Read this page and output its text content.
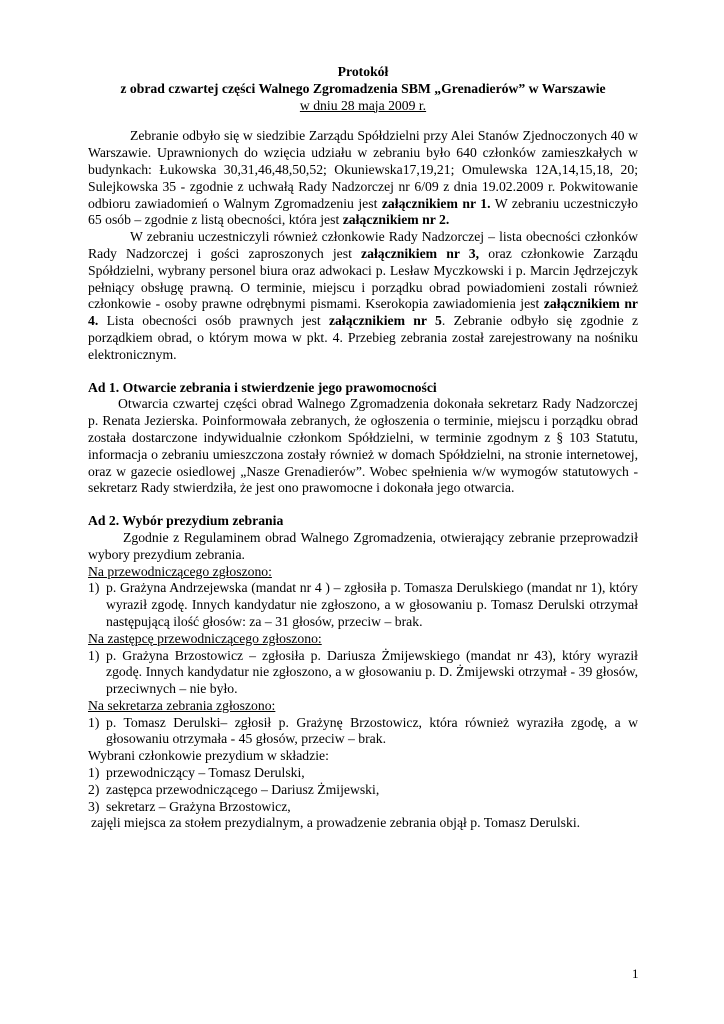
Protokół

z obrad czwartej części Walnego Zgromadzenia SBM „Grenadierów” w Warszawie

w dniu 28 maja 2009 r.

Zebranie odbyło się w siedzibie Zarządu Spółdzielni przy Alei Stanów Zjednoczonych 40 w Warszawie. Uprawnionych do wzięcia udziału w zebraniu było 640 członków zamieszkałych w budynkach: Łukowska 30,31,46,48,50,52; Okuniewska17,19,21; Omulewska 12A,14,15,18, 20; Sulejkowska 35 - zgodnie z uchwałą Rady Nadzorczej nr 6/09 z dnia 19.02.2009 r. Pokwitowanie odbioru zawiadomień o Walnym Zgromadzeniu jest załącznikiem nr 1. W zebraniu uczestniczyło 65 osób – zgodnie z listą obecności, która jest załącznikiem nr 2.

W zebraniu uczestniczyli również członkowie Rady Nadzorczej – lista obecności członków Rady Nadzorczej i gości zaproszonych jest załącznikiem nr 3, oraz członkowie Zarządu Spółdzielni, wybrany personel biura oraz adwokaci p. Lesław Myczkowski i p. Marcin Jędrzejczyk pełniący obsługę prawną. O terminie, miejscu i porządku obrad powiadomieni zostali również członkowie - osoby prawne odrębnymi pismami. Kserokopia zawiadomienia jest załącznikiem nr 4. Lista obecności osób prawnych jest załącznikiem nr 5. Zebranie odbyło się zgodnie z porządkiem obrad, o którym mowa w pkt. 4. Przebieg zebrania został zarejestrowany na nośniku elektronicznym.

Ad 1. Otwarcie zebrania i stwierdzenie jego prawomocności

Otwarcia czwartej części obrad Walnego Zgromadzenia dokonała sekretarz Rady Nadzorczej p. Renata Jezierska. Poinformowała zebranych, że ogłoszenia o terminie, miejscu i porządku obrad została dostarczone indywidualnie członkom Spółdzielni, w terminie zgodnym z § 103 Statutu, informacja o zebraniu umieszczona zostały również w domach Spółdzielni, na stronie internetowej, oraz w gazecie osiedlowej „Nasze Grenadierów”. Wobec spełnienia w/w wymogów statutowych - sekretarz Rady stwierdziła, że jest ono prawomocne i dokonała jego otwarcia.

Ad 2. Wybór prezydium zebrania

Zgodnie z Regulaminem obrad Walnego Zgromadzenia, otwierający zebranie przeprowadził wybory prezydium zebrania.

Na przewodniczącego zgłoszono:

1) p. Grażyna Andrzejewska (mandat nr 4 ) – zgłosiła p. Tomasza Derulskiego (mandat nr 1), który wyraził zgodę. Innych kandydatur nie zgłoszono, a w głosowaniu p. Tomasz Derulski otrzymał następującą ilość głosów: za – 31 głosów, przeciw – brak.

Na zastępcę przewodniczącego zgłoszono:

1) p. Grażyna Brzostowicz – zgłosiła p. Dariusza Żmijewskiego (mandat nr 43), który wyraził zgodę. Innych kandydatur nie zgłoszono, a w głosowaniu p. D. Żmijewski otrzymał - 39 głosów, przeciwnych – nie było.

Na sekretarza zebrania zgłoszono:

1) p. Tomasz Derulski– zgłosił p. Grażynę Brzostowicz, która również wyraziła zgodę, a w głosowaniu otrzymała - 45 głosów, przeciw – brak.

Wybrani członkowie prezydium w składzie:

1) przewodniczący – Tomasz Derulski,
2) zastępca przewodniczącego – Dariusz Żmijewski,
3) sekretarz – Grażyna Brzostowicz,

zajęli miejsca za stołem prezydialnym, a prowadzenie zebrania objął p. Tomasz Derulski.

1
